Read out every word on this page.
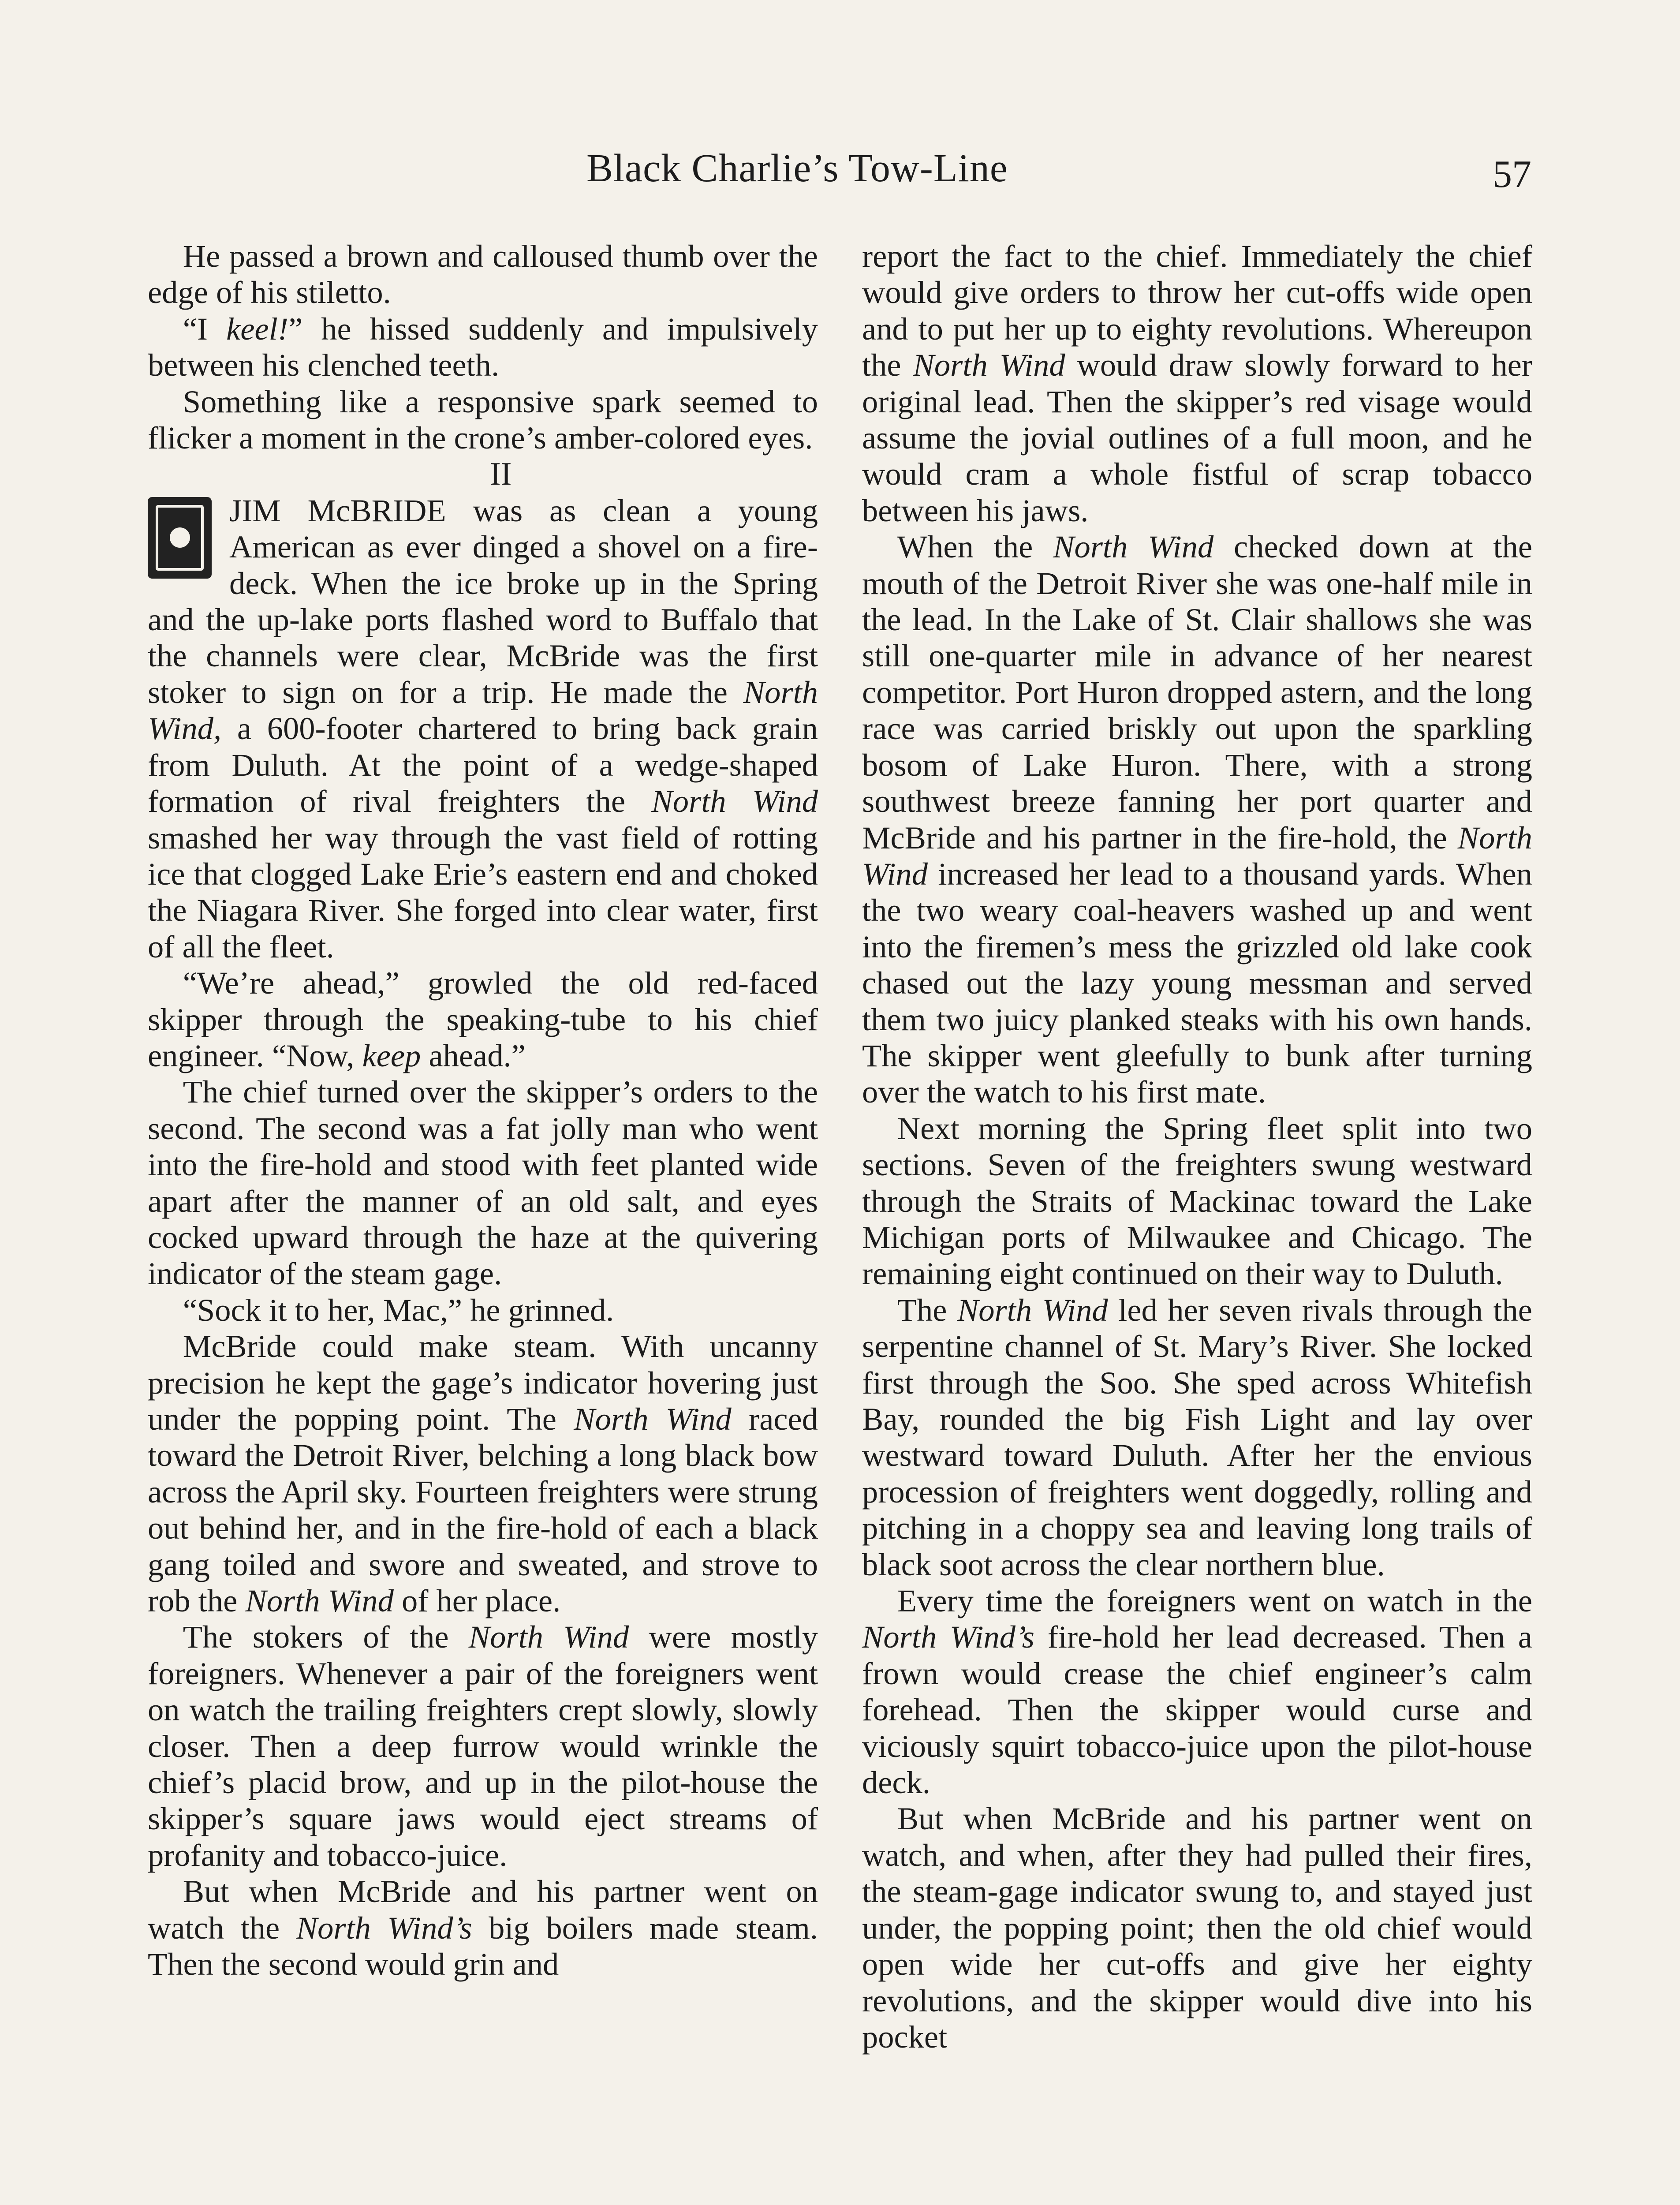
Black Charlie’s Tow-Line	57

He passed a brown and calloused thumb over the edge of his stiletto.

“I keel!” he hissed suddenly and impulsively between his clenched teeth.

Something like a responsive spark seemed to flicker a moment in the crone’s amber-colored eyes.

II

JIM McBRIDE was as clean a young American as ever dinged a shovel on a fire-deck. When the ice broke up in the Spring and the up-lake ports flashed word to Buffalo that the channels were clear, McBride was the first stoker to sign on for a trip. He made the North Wind, a 600-footer chartered to bring back grain from Duluth. At the point of a wedge-shaped formation of rival freighters the North Wind smashed her way through the vast field of rotting ice that clogged Lake Erie’s eastern end and choked the Niagara River. She forged into clear water, first of all the fleet.

“We’re ahead,” growled the old red-faced skipper through the speaking-tube to his chief engineer. “Now, keep ahead.”

The chief turned over the skipper’s orders to the second. The second was a fat jolly man who went into the fire-hold and stood with feet planted wide apart after the manner of an old salt, and eyes cocked upward through the haze at the quivering indicator of the steam gage.

“Sock it to her, Mac,” he grinned.

McBride could make steam. With uncanny precision he kept the gage’s indicator hovering just under the popping point. The North Wind raced toward the Detroit River, belching a long black bow across the April sky. Fourteen freighters were strung out behind her, and in the fire-hold of each a black gang toiled and swore and sweated, and strove to rob the North Wind of her place.

The stokers of the North Wind were mostly foreigners. Whenever a pair of the foreigners went on watch the trailing freighters crept slowly, slowly closer. Then a deep furrow would wrinkle the chief’s placid brow, and up in the pilot-house the skipper’s square jaws would eject streams of profanity and tobacco-juice.

But when McBride and his partner went on watch the North Wind’s big boilers made steam. Then the second would grin and

report the fact to the chief. Immediately the chief would give orders to throw her cut-offs wide open and to put her up to eighty revolutions. Whereupon the North Wind would draw slowly forward to her original lead. Then the skipper’s red visage would assume the jovial outlines of a full moon, and he would cram a whole fistful of scrap tobacco between his jaws.

When the North Wind checked down at the mouth of the Detroit River she was one-half mile in the lead. In the Lake of St. Clair shallows she was still one-quarter mile in advance of her nearest competitor. Port Huron dropped astern, and the long race was carried briskly out upon the sparkling bosom of Lake Huron. There, with a strong southwest breeze fanning her port quarter and McBride and his partner in the fire-hold, the North Wind increased her lead to a thousand yards. When the two weary coal-heavers washed up and went into the firemen’s mess the grizzled old lake cook chased out the lazy young messman and served them two juicy planked steaks with his own hands. The skipper went gleefully to bunk after turning over the watch to his first mate.

Next morning the Spring fleet split into two sections. Seven of the freighters swung westward through the Straits of Mackinac toward the Lake Michigan ports of Milwaukee and Chicago. The remaining eight continued on their way to Duluth.

The North Wind led her seven rivals through the serpentine channel of St. Mary’s River. She locked first through the Soo. She sped across Whitefish Bay, rounded the big Fish Light and lay over westward toward Duluth. After her the envious procession of freighters went doggedly, rolling and pitching in a choppy sea and leaving long trails of black soot across the clear northern blue.

Every time the foreigners went on watch in the North Wind’s fire-hold her lead decreased. Then a frown would crease the chief engineer’s calm forehead. Then the skipper would curse and viciously squirt tobacco-juice upon the pilot-house deck.

But when McBride and his partner went on watch, and when, after they had pulled their fires, the steam-gage indicator swung to, and stayed just under, the popping point; then the old chief would open wide her cut-offs and give her eighty revolutions, and the skipper would dive into his pocket
